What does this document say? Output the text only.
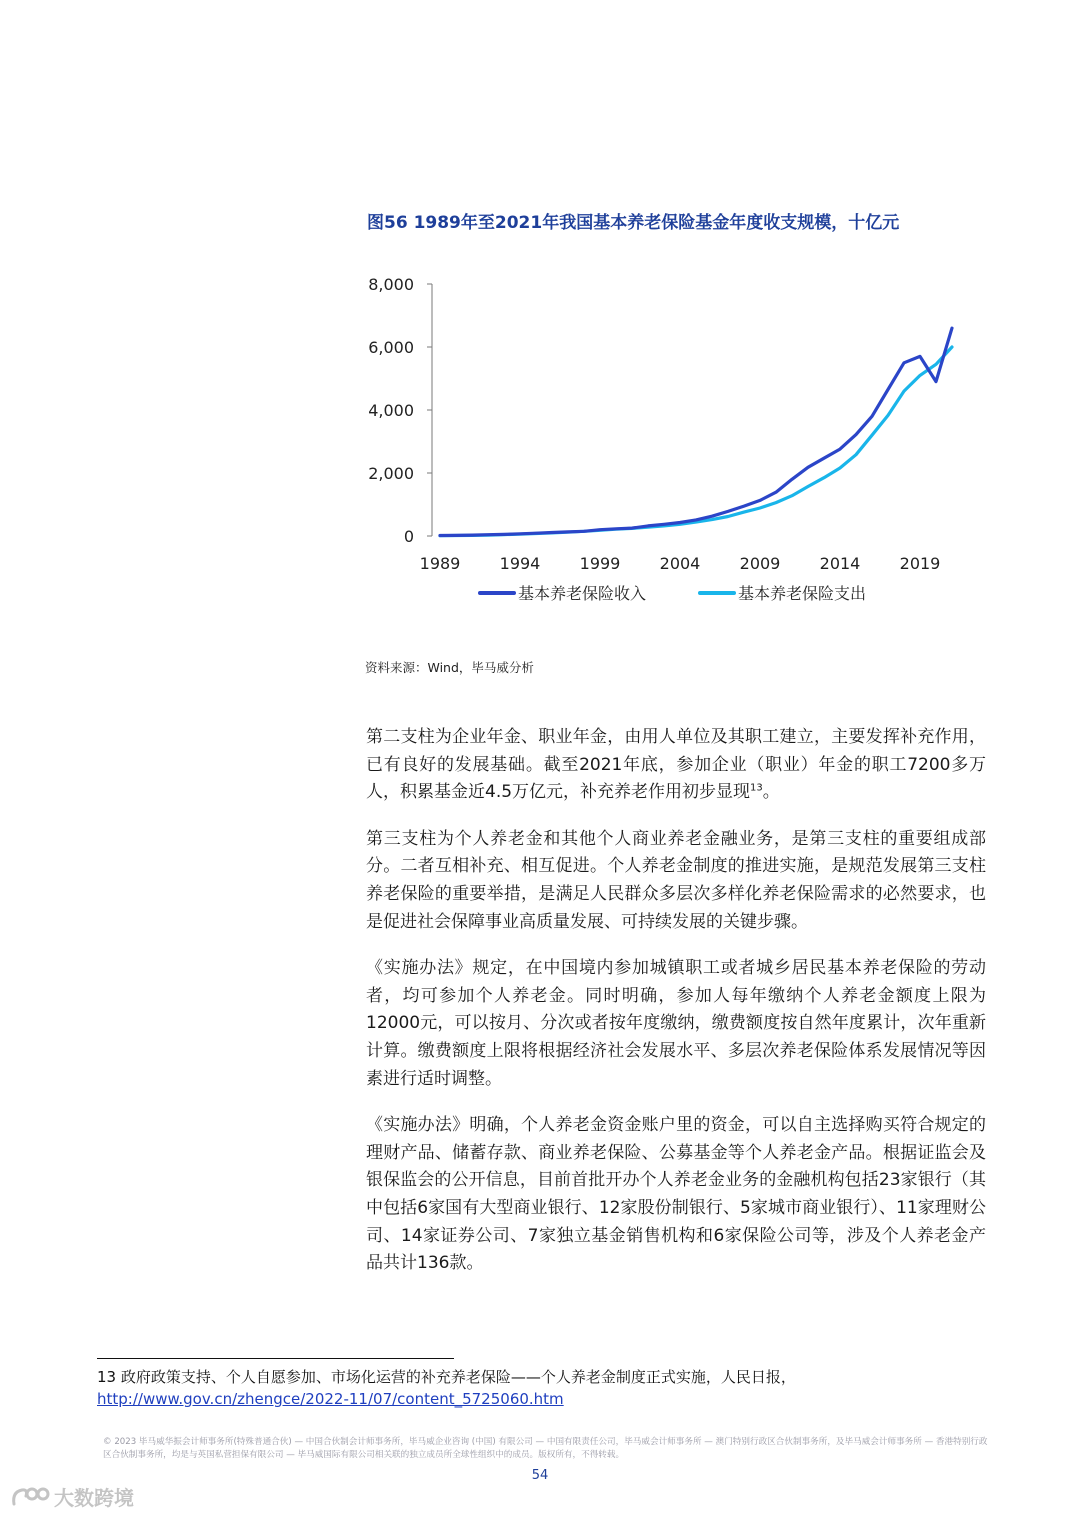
图56 1989年至2021年我国基本养老保险基金年度收支规模，十亿元
0
2,000
4,000
6,000
8,000
1989 1994 1999 2004 2009 2014 2019
基本养老保险收入	基本养老保险支出
资料来源：Wind，毕马威分析

第二支柱为企业年金、职业年金，由用人单位及其职工建立，主要发挥补充作用，已有良好的发展基础。截至2021年底，参加企业（职业）年金的职工7200多万人，积累基金近4.5万亿元，补充养老作用初步显现$^{13}$。

第三支柱为个人养老金和其他个人商业养老金融业务，是第三支柱的重要组成部分。二者互相补充、相互促进。个人养老金制度的推进实施，是规范发展第三支柱养老保险的重要举措，是满足人民群众多层次多样化养老保险需求的必然要求，也是促进社会保障事业高质量发展、可持续发展的关键步骤。

《实施办法》规定，在中国境内参加城镇职工或者城乡居民基本养老保险的劳动者，均可参加个人养老金。同时明确，参加人每年缴纳个人养老金额度上限为12000元，可以按月、分次或者按年度缴纳，缴费额度按自然年度累计，次年重新计算。缴费额度上限将根据经济社会发展水平、多层次养老保险体系发展情况等因素进行适时调整。

《实施办法》明确，个人养老金资金账户里的资金，可以自主选择购买符合规定的理财产品、储蓄存款、商业养老保险、公募基金等个人养老金产品。根据证监会及银保监会的公开信息，目前首批开办个人养老金业务的金融机构包括23家银行（其中包括6家国有大型商业银行、12家股份制银行、5家城市商业银行）、11家理财公司、14家证券公司、7家独立基金销售机构和6家保险公司等，涉及个人养老金产品共计136款。

13 政府政策支持、个人自愿参加、市场化运营的补充养老保险——个人养老金制度正式实施，人民日报，
http://www.gov.cn/zhengce/2022-11/07/content_5725060.htm
© 2023 毕马威华振会计师事务所(特殊普通合伙) — 中国合伙制会计师事务所，毕马威企业咨询 (中国) 有限公司 — 中国有限责任公司，毕马威会计师事务所 — 澳门特别行政区合伙制事务所，及毕马威会计师事务所 — 香港特别行政区合伙制事务所，均是与英国私营担保有限公司 — 毕马威国际有限公司相关联的独立成员所全球性组织中的成员。版权所有，不得转载。
54
大数跨境
